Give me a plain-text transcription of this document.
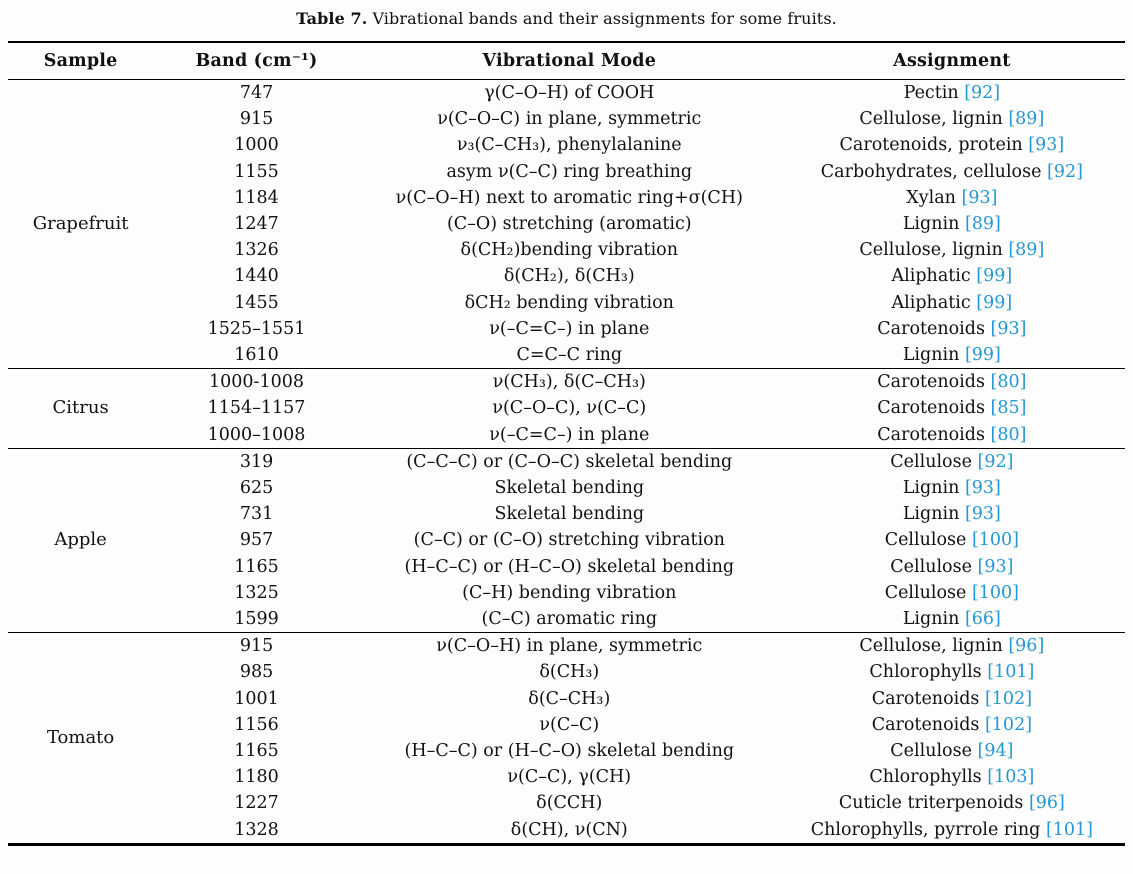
Table 7. Vibrational bands and their assignments for some fruits.
Sample	Band (cm⁻¹)	Vibrational Mode	Assignment
Grapefruit	747	γ(C–O–H) of COOH	Pectin [92]
	915	ν(C–O–C) in plane, symmetric	Cellulose, lignin [89]
	1000	ν₃(C–CH₃), phenylalanine	Carotenoids, protein [93]
	1155	asym ν(C–C) ring breathing	Carbohydrates, cellulose [92]
	1184	ν(C–O–H) next to aromatic ring+σ(CH)	Xylan [93]
	1247	(C–O) stretching (aromatic)	Lignin [89]
	1326	δ(CH₂)bending vibration	Cellulose, lignin [89]
	1440	δ(CH₂), δ(CH₃)	Aliphatic [99]
	1455	δCH₂ bending vibration	Aliphatic [99]
	1525–1551	ν(–C=C–) in plane	Carotenoids [93]
	1610	C=C–C ring	Lignin [99]
Citrus	1000-1008	ν(CH₃), δ(C–CH₃)	Carotenoids [80]
	1154–1157	ν(C–O–C), ν(C–C)	Carotenoids [85]
	1000–1008	ν(–C=C–) in plane	Carotenoids [80]
Apple	319	(C–C–C) or (C–O–C) skeletal bending	Cellulose [92]
	625	Skeletal bending	Lignin [93]
	731	Skeletal bending	Lignin [93]
	957	(C–C) or (C–O) stretching vibration	Cellulose [100]
	1165	(H–C–C) or (H–C–O) skeletal bending	Cellulose [93]
	1325	(C–H) bending vibration	Cellulose [100]
	1599	(C–C) aromatic ring	Lignin [66]
Tomato	915	ν(C–O–H) in plane, symmetric	Cellulose, lignin [96]
	985	δ(CH₃)	Chlorophylls [101]
	1001	δ(C–CH₃)	Carotenoids [102]
	1156	ν(C–C)	Carotenoids [102]
	1165	(H–C–C) or (H–C–O) skeletal bending	Cellulose [94]
	1180	ν(C–C), γ(CH)	Chlorophylls [103]
	1227	δ(CCH)	Cuticle triterpenoids [96]
	1328	δ(CH), ν(CN)	Chlorophylls, pyrrole ring [101]
